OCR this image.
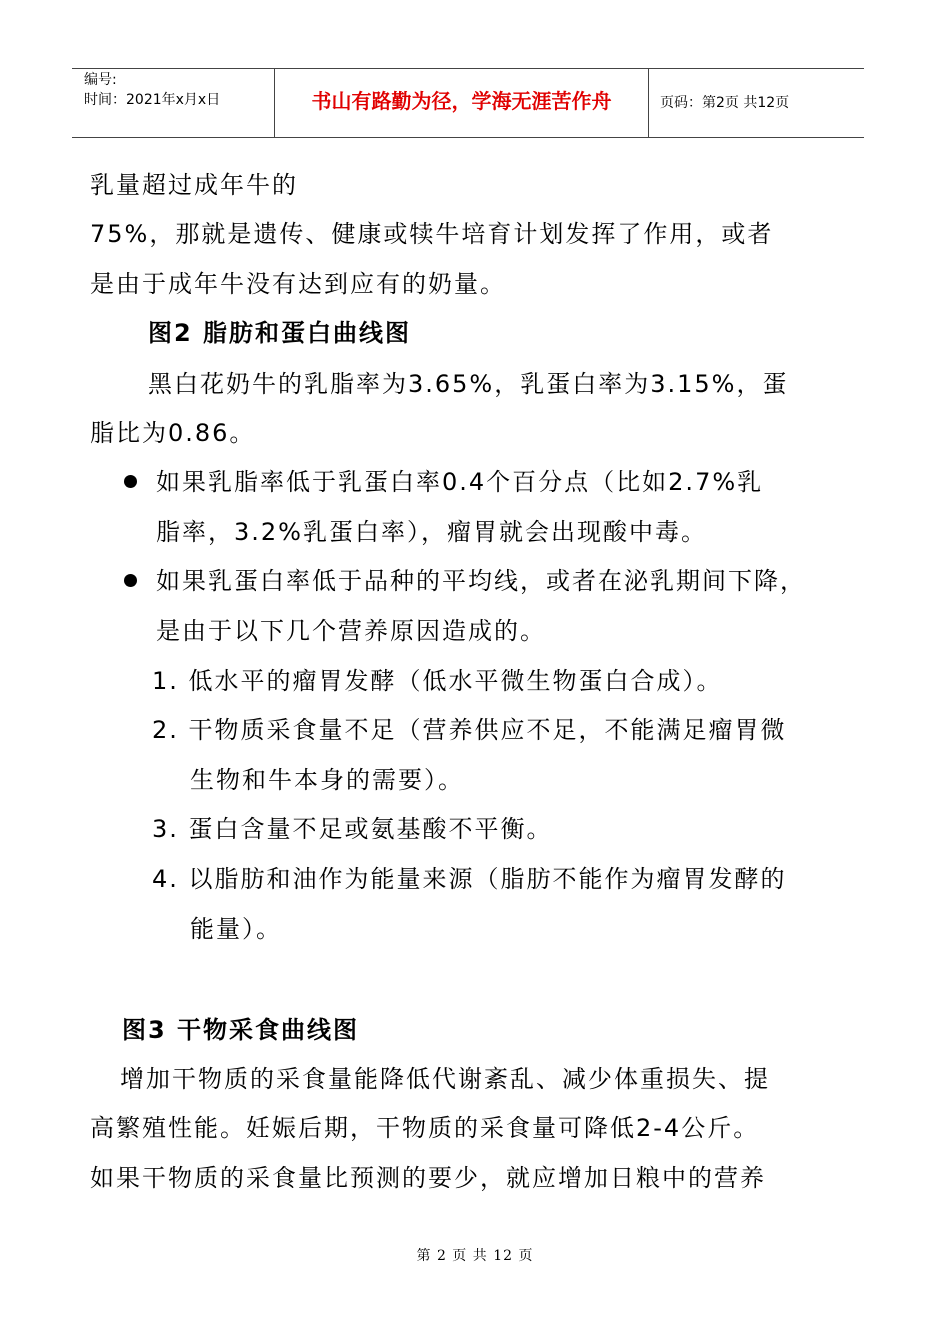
编号:
时间：2021年x月x日	书山有路勤为径，学海无涯苦作舟	页码：第2页 共12页
乳量超过成年牛的
75%，那就是遗传、健康或犊牛培育计划发挥了作用，或者
是由于成年牛没有达到应有的奶量。
图2 脂肪和蛋白曲线图
黑白花奶牛的乳脂率为3.65%，乳蛋白率为3.15%，蛋
脂比为0.86。
如果乳脂率低于乳蛋白率0.4个百分点（比如2.7%乳
脂率，3.2%乳蛋白率），瘤胃就会出现酸中毒。
如果乳蛋白率低于品种的平均线，或者在泌乳期间下降，
是由于以下几个营养原因造成的。
1. 低水平的瘤胃发酵（低水平微生物蛋白合成）。
2. 干物质采食量不足（营养供应不足，不能满足瘤胃微
生物和牛本身的需要）。
3. 蛋白含量不足或氨基酸不平衡。
4. 以脂肪和油作为能量来源（脂肪不能作为瘤胃发酵的
能量）。
图3 干物采食曲线图
增加干物质的采食量能降低代谢紊乱、减少体重损失、提
高繁殖性能。妊娠后期，干物质的采食量可降低2-4公斤。
如果干物质的采食量比预测的要少，就应增加日粮中的营养
第 2 页 共 12 页
